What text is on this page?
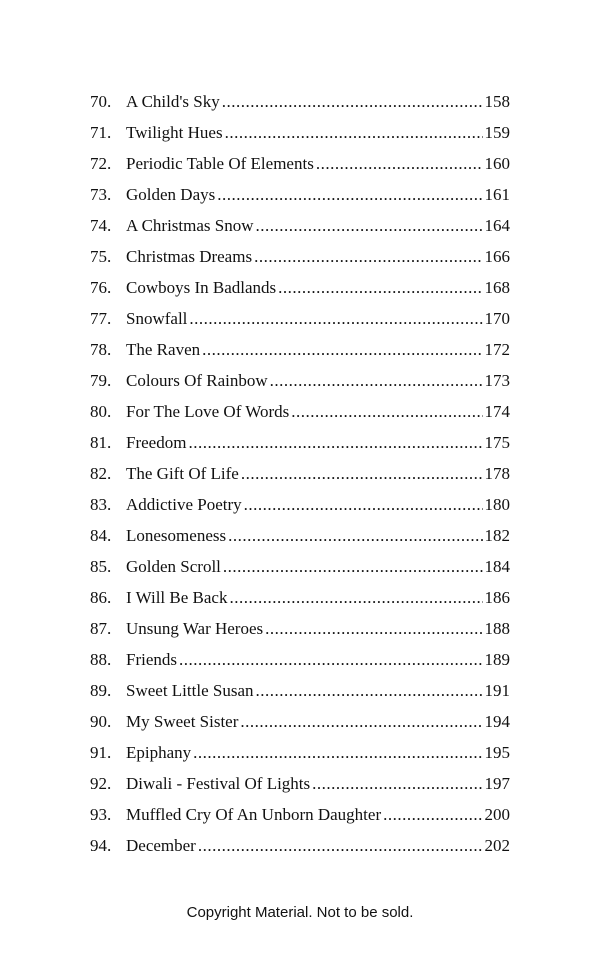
70. A Child's Sky .....	158
71. Twilight Hues .....	159
72. Periodic Table Of Elements .....	160
73. Golden Days .....	161
74. A Christmas Snow .....	164
75. Christmas Dreams .....	166
76. Cowboys In Badlands .....	168
77. Snowfall .....	170
78. The Raven .....	172
79. Colours Of Rainbow .....	173
80. For The Love Of Words .....	174
81. Freedom .....	175
82. The Gift Of Life .....	178
83. Addictive Poetry .....	180
84. Lonesomeness .....	182
85. Golden Scroll .....	184
86. I Will Be Back .....	186
87. Unsung War Heroes .....	188
88. Friends .....	189
89. Sweet Little Susan .....	191
90. My Sweet Sister .....	194
91. Epiphany .....	195
92. Diwali - Festival Of Lights .....	197
93. Muffled Cry Of An Unborn Daughter .....	200
94. December .....	202
Copyright Material. Not to be sold.
